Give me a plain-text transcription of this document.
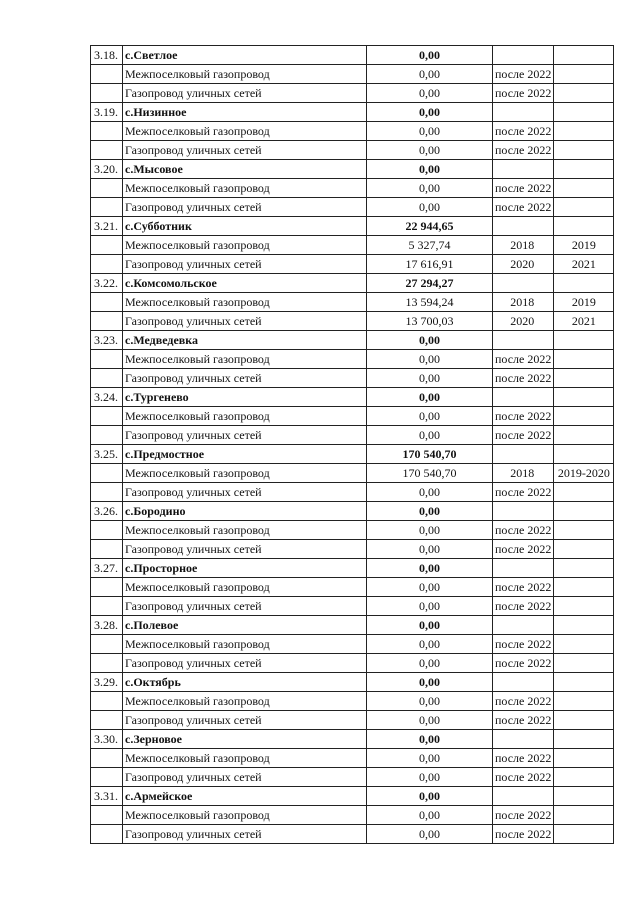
3.18.	с.Светлое	0,00		
	Межпоселковый газопровод	0,00	после 2022	
	Газопровод уличных сетей	0,00	после 2022	
3.19.	с.Низинное	0,00		
	Межпоселковый газопровод	0,00	после 2022	
	Газопровод уличных сетей	0,00	после 2022	
3.20.	с.Мысовое	0,00		
	Межпоселковый газопровод	0,00	после 2022	
	Газопровод уличных сетей	0,00	после 2022	
3.21.	с.Субботник	22 944,65		
	Межпоселковый газопровод	5 327,74	2018	2019
	Газопровод уличных сетей	17 616,91	2020	2021
3.22.	с.Комсомольское	27 294,27		
	Межпоселковый газопровод	13 594,24	2018	2019
	Газопровод уличных сетей	13 700,03	2020	2021
3.23.	с.Медведевка	0,00		
	Межпоселковый газопровод	0,00	после 2022	
	Газопровод уличных сетей	0,00	после 2022	
3.24.	с.Тургенево	0,00		
	Межпоселковый газопровод	0,00	после 2022	
	Газопровод уличных сетей	0,00	после 2022	
3.25.	с.Предмостное	170 540,70		
	Межпоселковый газопровод	170 540,70	2018	2019-2020
	Газопровод уличных сетей	0,00	после 2022	
3.26.	с.Бородино	0,00		
	Межпоселковый газопровод	0,00	после 2022	
	Газопровод уличных сетей	0,00	после 2022	
3.27.	с.Просторное	0,00		
	Межпоселковый газопровод	0,00	после 2022	
	Газопровод уличных сетей	0,00	после 2022	
3.28.	с.Полевое	0,00		
	Межпоселковый газопровод	0,00	после 2022	
	Газопровод уличных сетей	0,00	после 2022	
3.29.	с.Октябрь	0,00		
	Межпоселковый газопровод	0,00	после 2022	
	Газопровод уличных сетей	0,00	после 2022	
3.30.	с.Зерновое	0,00		
	Межпоселковый газопровод	0,00	после 2022	
	Газопровод уличных сетей	0,00	после 2022	
3.31.	с.Армейское	0,00		
	Межпоселковый газопровод	0,00	после 2022	
	Газопровод уличных сетей	0,00	после 2022	
